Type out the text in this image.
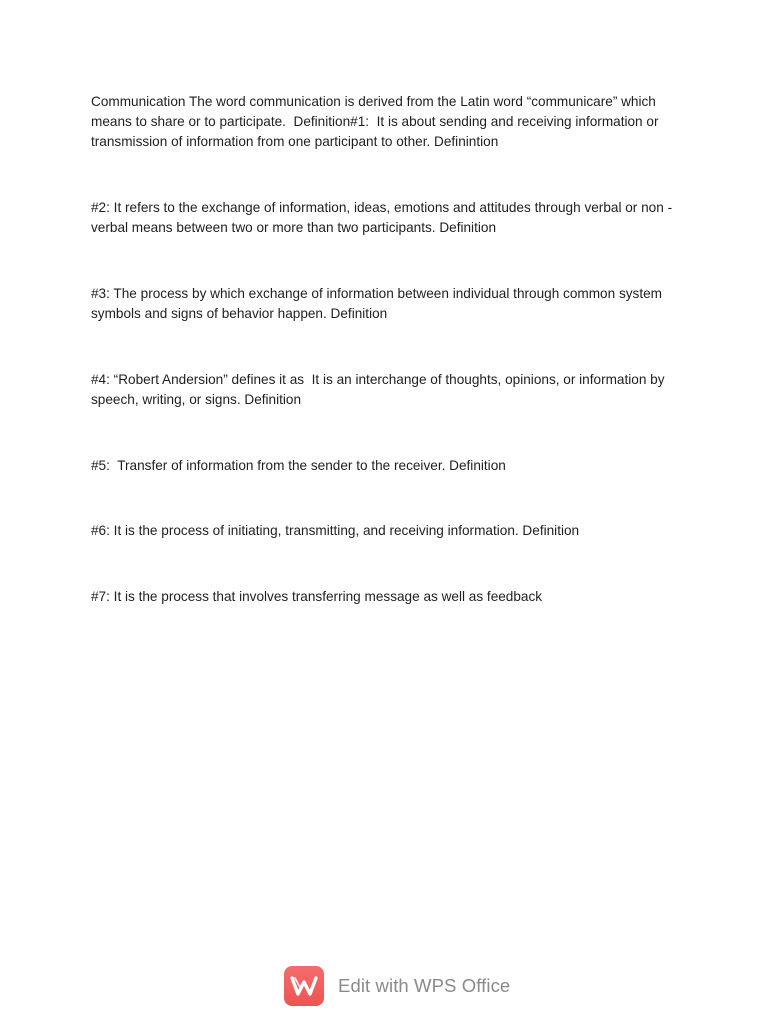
Communication The word communication is derived from the Latin word “communicare” which means to share or to participate.  Definition#1:  It is about sending and receiving information or transmission of information from one participant to other. Definintion

#2: It refers to the exchange of information, ideas, emotions and attitudes through verbal or non -verbal means between two or more than two participants. Definition

#3: The process by which exchange of information between individual through common system symbols and signs of behavior happen. Definition

#4: “Robert Andersion” defines it as  It is an interchange of thoughts, opinions, or information by speech, writing, or signs. Definition

#5:  Transfer of information from the sender to the receiver. Definition

#6: It is the process of initiating, transmitting, and receiving information. Definition

#7: It is the process that involves transferring message as well as feedback

Edit with WPS Office
